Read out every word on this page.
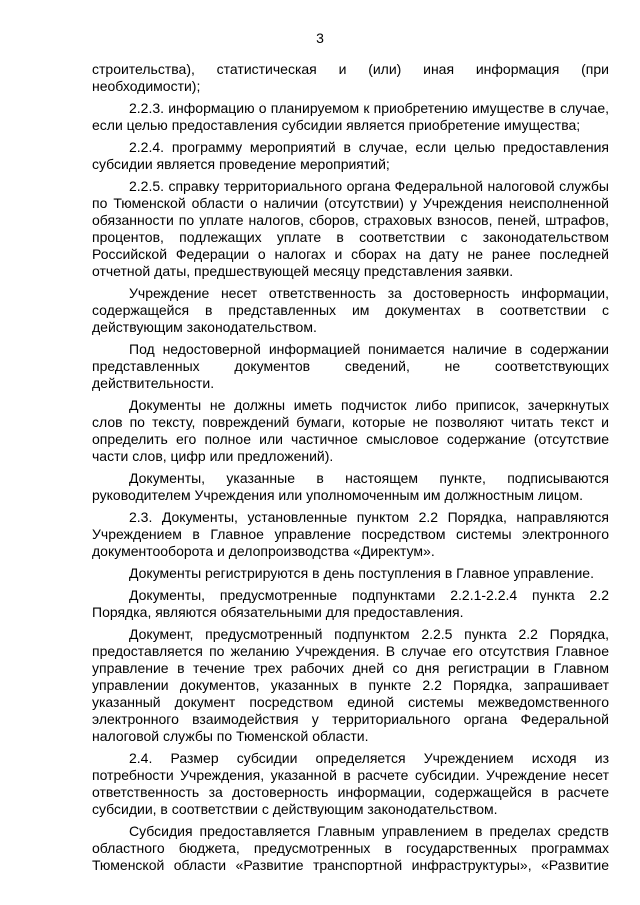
3

строительства), статистическая и (или) иная информация (при необходимости);

2.2.3. информацию о планируемом к приобретению имуществе в случае, если целью предоставления субсидии является приобретение имущества;

2.2.4. программу мероприятий в случае, если целью предоставления субсидии является проведение мероприятий;

2.2.5. справку территориального органа Федеральной налоговой службы по Тюменской области о наличии (отсутствии) у Учреждения неисполненной обязанности по уплате налогов, сборов, страховых взносов, пеней, штрафов, процентов, подлежащих уплате в соответствии с законодательством Российской Федерации о налогах и сборах на дату не ранее последней отчетной даты, предшествующей месяцу представления заявки.

Учреждение несет ответственность за достоверность информации, содержащейся в представленных им документах в соответствии с действующим законодательством.

Под недостоверной информацией понимается наличие в содержании представленных документов сведений, не соответствующих действительности.

Документы не должны иметь подчисток либо приписок, зачеркнутых слов по тексту, повреждений бумаги, которые не позволяют читать текст и определить его полное или частичное смысловое содержание (отсутствие части слов, цифр или предложений).

Документы, указанные в настоящем пункте, подписываются руководителем Учреждения или уполномоченным им должностным лицом.

2.3. Документы, установленные пунктом 2.2 Порядка, направляются Учреждением в Главное управление посредством системы электронного документооборота и делопроизводства «Директум».

Документы регистрируются в день поступления в Главное управление.

Документы, предусмотренные подпунктами 2.2.1-2.2.4 пункта 2.2 Порядка, являются обязательными для предоставления.

Документ, предусмотренный подпунктом 2.2.5 пункта 2.2 Порядка, предоставляется по желанию Учреждения. В случае его отсутствия Главное управление в течение трех рабочих дней со дня регистрации в Главном управлении документов, указанных в пункте 2.2 Порядка, запрашивает указанный документ посредством единой системы межведомственного электронного взаимодействия у территориального органа Федеральной налоговой службы по Тюменской области.

2.4. Размер субсидии определяется Учреждением исходя из потребности Учреждения, указанной в расчете субсидии. Учреждение несет ответственность за достоверность информации, содержащейся в расчете субсидии, в соответствии с действующим законодательством.

Субсидия предоставляется Главным управлением в пределах средств областного бюджета, предусмотренных в государственных программах Тюменской области «Развитие транспортной инфраструктуры», «Развитие
